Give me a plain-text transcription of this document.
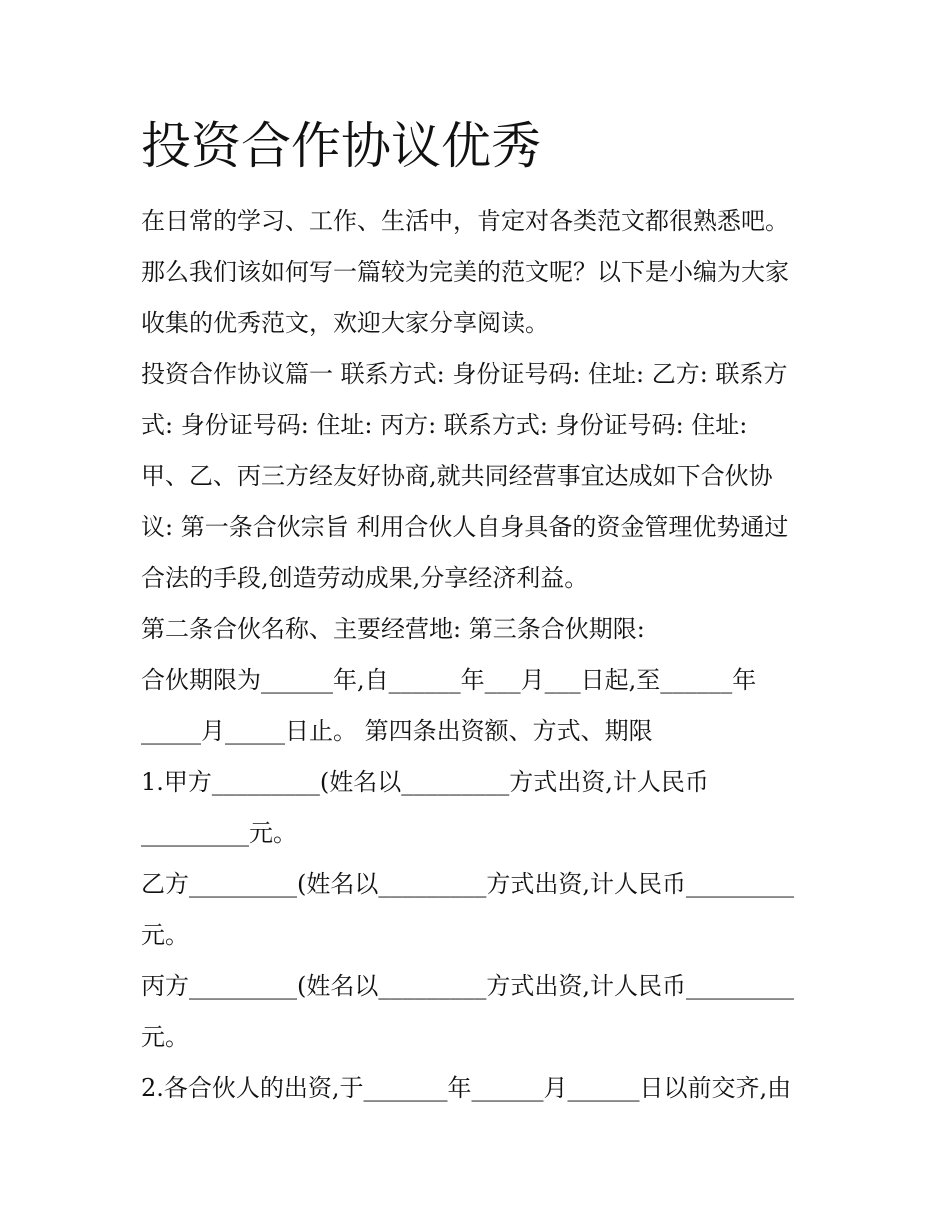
投资合作协议优秀
在日常的学习、工作、生活中，肯定对各类范文都很熟悉吧。
那么我们该如何写一篇较为完美的范文呢？以下是小编为大家
收集的优秀范文，欢迎大家分享阅读。
投资合作协议篇一 联系方式: 身份证号码: 住址: 乙方: 联系方
式: 身份证号码: 住址: 丙方: 联系方式: 身份证号码: 住址:
甲、乙、丙三方经友好协商,就共同经营事宜达成如下合伙协
议: 第一条合伙宗旨 利用合伙人自身具备的资金管理优势通过
合法的手段,创造劳动成果,分享经济利益。
第二条合伙名称、主要经营地: 第三条合伙期限:
合伙期限为______年,自______年___月___日起,至______年
_____月_____日止。 第四条出资额、方式、期限
1.甲方_________(姓名以_________方式出资,计人民币
_________元。
乙方_________(姓名以_________方式出资,计人民币_________
元。
丙方_________(姓名以_________方式出资,计人民币_________
元。
2.各合伙人的出资,于_______年______月______日以前交齐,由
